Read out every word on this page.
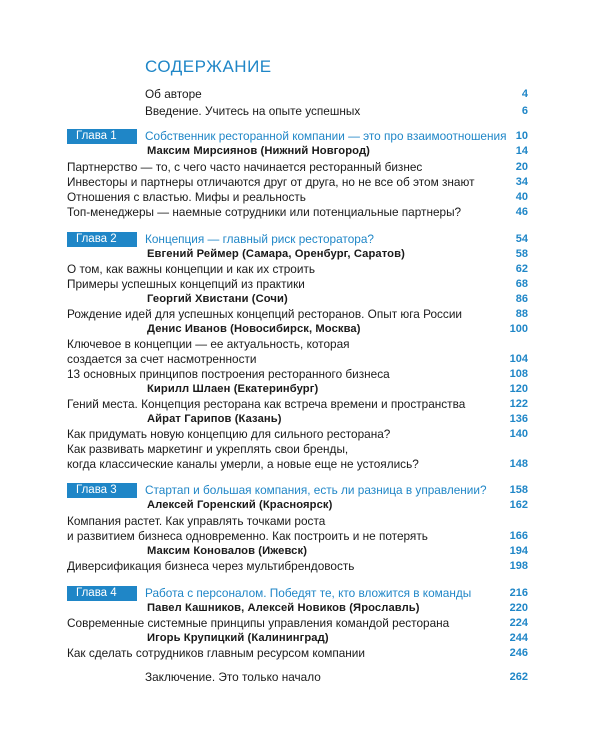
СОДЕРЖАНИЕ
Об авторе	4
Введение. Учитесь на опыте успешных	6
Глава 1	Собственник ресторанной компании — это про взаимоотношения 10
Максим Мирсиянов (Нижний Новгород)	14
Партнерство — то, с чего часто начинается ресторанный бизнес	20
Инвесторы и партнеры отличаются друг от друга, но не все об этом знают	34
Отношения с властью. Мифы и реальность	40
Топ-менеджеры — наемные сотрудники или потенциальные партнеры?	46
Глава 2	Концепция — главный риск ресторатора?	54
Евгений Реймер (Самара, Оренбург, Саратов)	58
О том, как важны концепции и как их строить	62
Примеры успешных концепций из практики	68
Георгий Хвистани (Сочи)	86
Рождение идей для успешных концепций ресторанов. Опыт юга России	88
Денис Иванов (Новосибирск, Москва)	100
Ключевое в концепции — ее актуальность, которая
создается за счет насмотренности	104
13 основных принципов построения ресторанного бизнеса	108
Кирилл Шлаен (Екатеринбург)	120
Гений места. Концепция ресторана как встреча времени и пространства	122
Айрат Гарипов (Казань)	136
Как придумать новую концепцию для сильного ресторана?	140
Как развивать маркетинг и укреплять свои бренды,
когда классические каналы умерли, а новые еще не устоялись?	148
Глава 3	Стартап и большая компания, есть ли разница в управлении? 158
Алексей Горенский (Красноярск)	162
Компания растет. Как управлять точками роста
и развитием бизнеса одновременно. Как построить и не потерять	166
Максим Коновалов (Ижевск)	194
Диверсификация бизнеса через мультибрендовость	198
Глава 4	Работа с персоналом. Победят те, кто вложится в команды	216
Павел Кашников, Алексей Новиков (Ярославль)	220
Современные системные принципы управления командой ресторана	224
Игорь Крупицкий (Калининград)	244
Как сделать сотрудников главным ресурсом компании	246
Заключение. Это только начало	262
